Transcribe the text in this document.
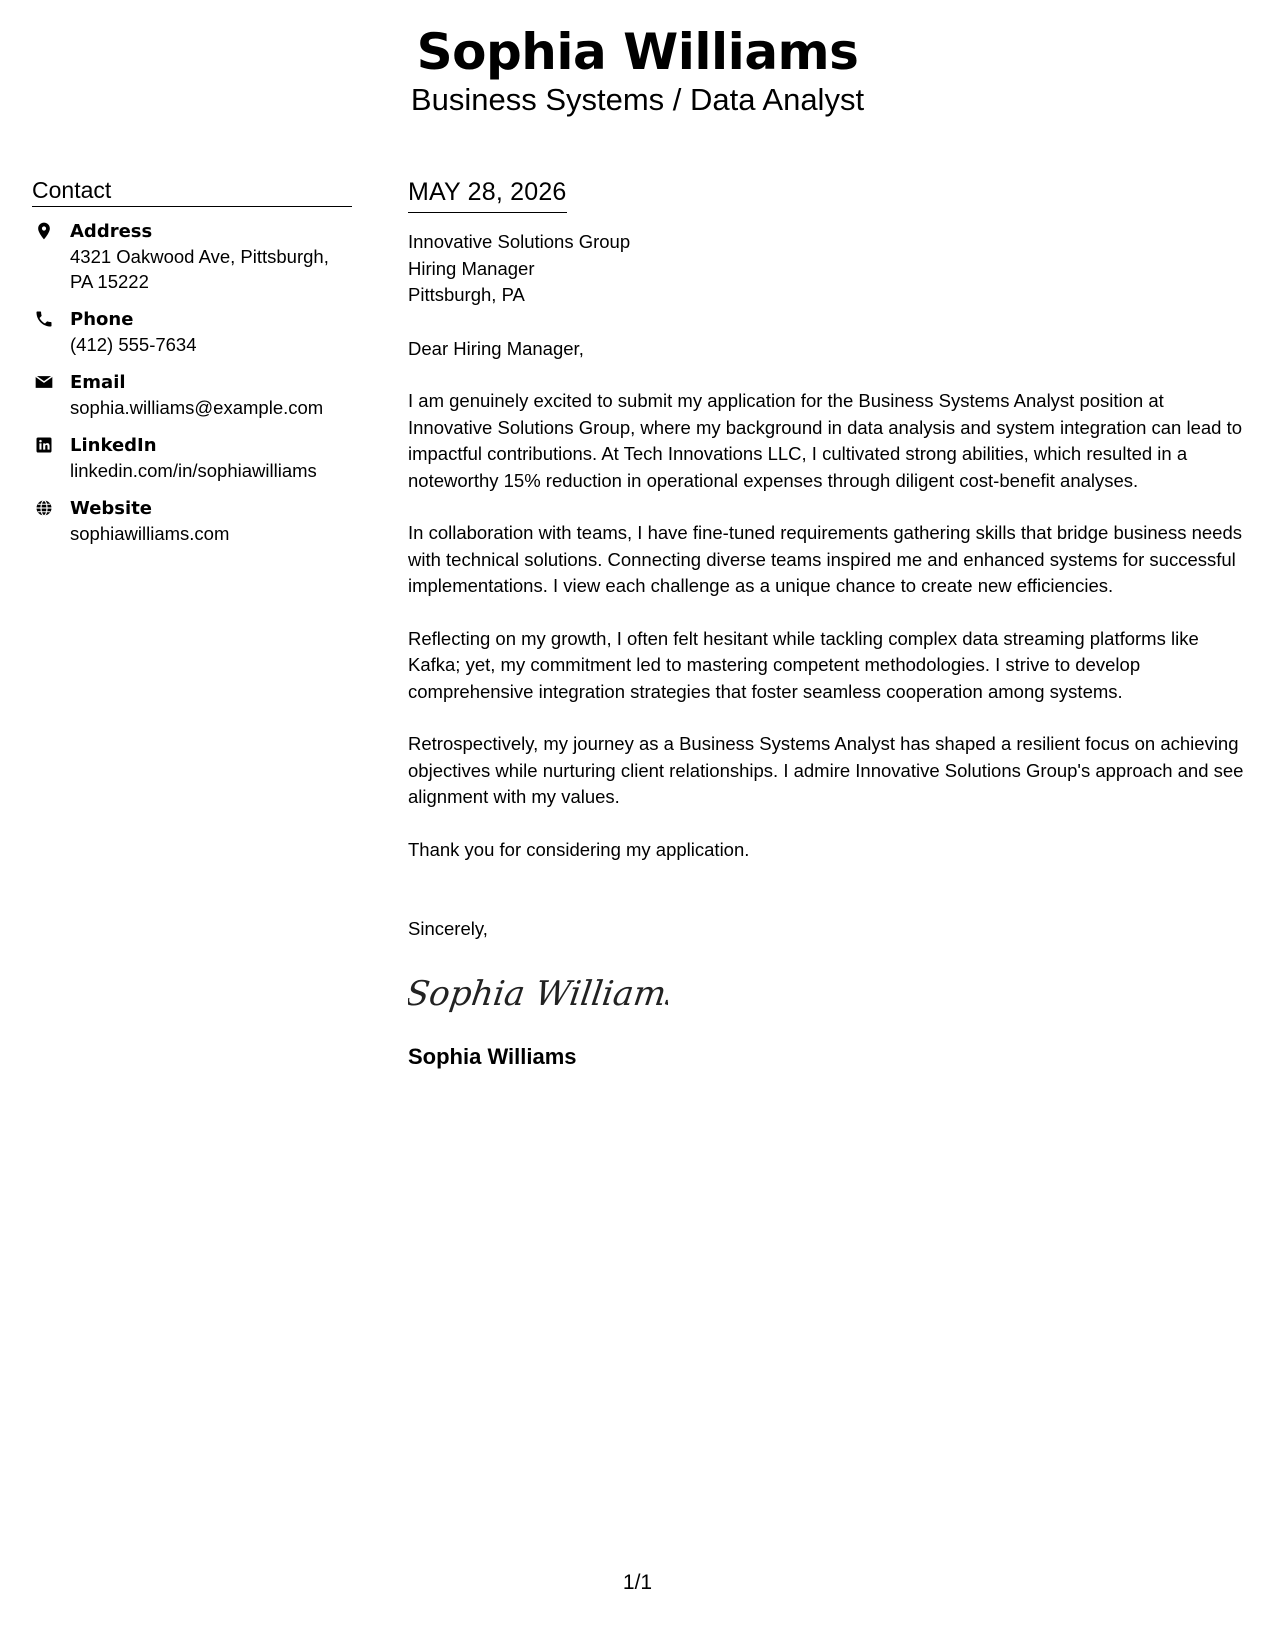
Sophia Williams
Business Systems / Data Analyst
Contact
Address
4321 Oakwood Ave, Pittsburgh, PA 15222
Phone
(412) 555-7634
Email
sophia.williams@example.com
LinkedIn
linkedin.com/in/sophiawilliams
Website
sophiawilliams.com
MAY 28, 2026
Innovative Solutions Group
Hiring Manager
Pittsburgh, PA
Dear Hiring Manager,
I am genuinely excited to submit my application for the Business Systems Analyst position at Innovative Solutions Group, where my background in data analysis and system integration can lead to impactful contributions. At Tech Innovations LLC, I cultivated strong abilities, which resulted in a noteworthy 15% reduction in operational expenses through diligent cost-benefit analyses.
In collaboration with teams, I have fine-tuned requirements gathering skills that bridge business needs with technical solutions. Connecting diverse teams inspired me and enhanced systems for successful implementations. I view each challenge as a unique chance to create new efficiencies.
Reflecting on my growth, I often felt hesitant while tackling complex data streaming platforms like Kafka; yet, my commitment led to mastering competent methodologies. I strive to develop comprehensive integration strategies that foster seamless cooperation among systems.
Retrospectively, my journey as a Business Systems Analyst has shaped a resilient focus on achieving objectives while nurturing client relationships. I admire Innovative Solutions Group's approach and see alignment with my values.
Thank you for considering my application.
Sincerely,
Sophia Williams
Sophia Williams
1/1
